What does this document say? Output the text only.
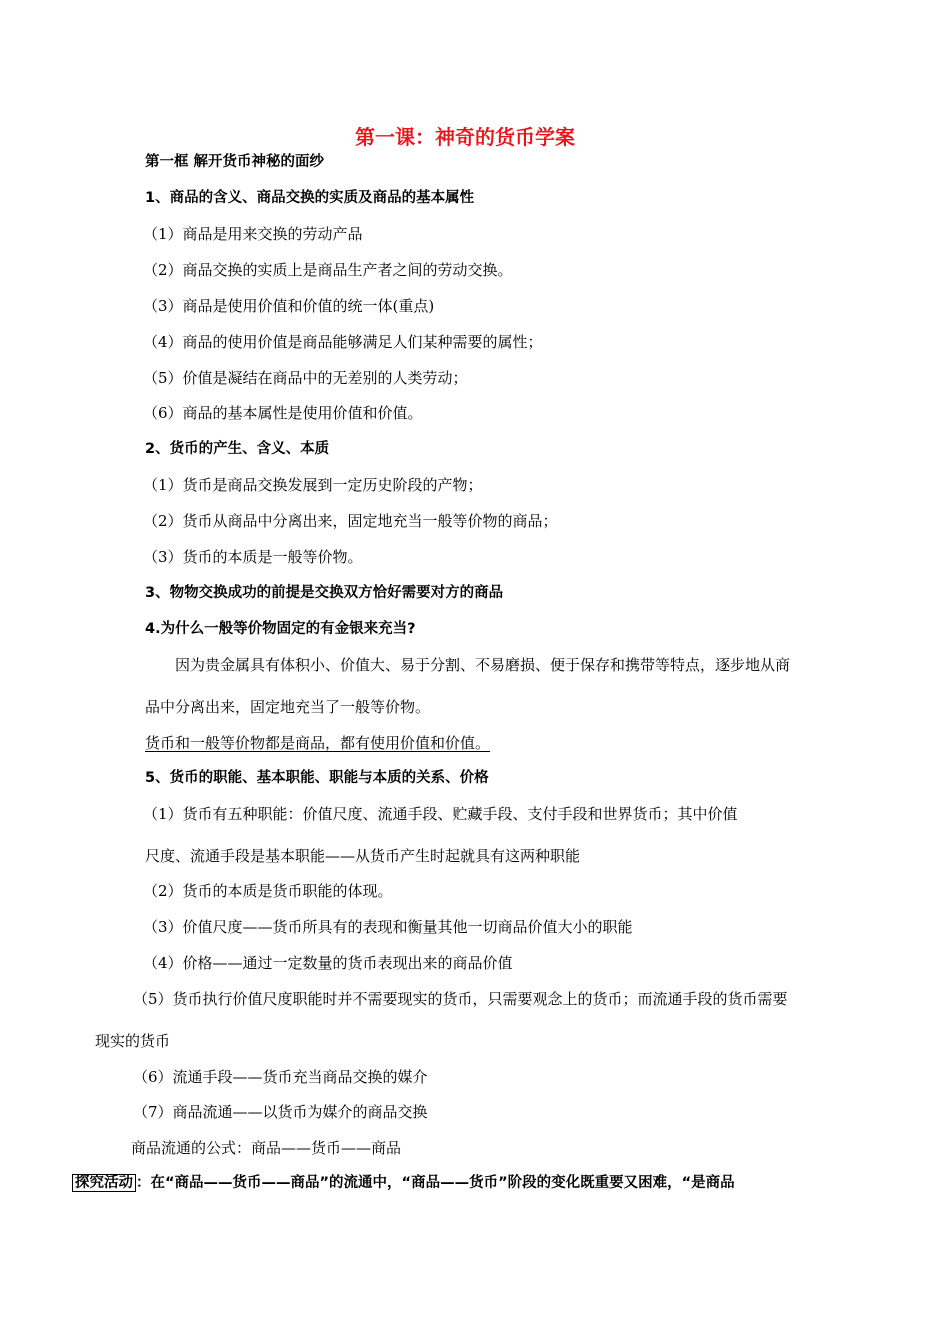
第一课：神奇的货币学案
第一框 解开货币神秘的面纱
1、商品的含义、商品交换的实质及商品的基本属性
（1）商品是用来交换的劳动产品
（2）商品交换的实质上是商品生产者之间的劳动交换。
（3）商品是使用价值和价值的统一体(重点)
（4）商品的使用价值是商品能够满足人们某种需要的属性；
（5）价值是凝结在商品中的无差别的人类劳动；
（6）商品的基本属性是使用价值和价值。
2、货币的产生、含义、本质
（1）货币是商品交换发展到一定历史阶段的产物；
（2）货币从商品中分离出来，固定地充当一般等价物的商品；
（3）货币的本质是一般等价物。
3、物物交换成功的前提是交换双方恰好需要对方的商品
4.为什么一般等价物固定的有金银来充当?
因为贵金属具有体积小、价值大、易于分割、不易磨损、便于保存和携带等特点，逐步地从商
品中分离出来，固定地充当了一般等价物。
货币和一般等价物都是商品，都有使用价值和价值。
5、货币的职能、基本职能、职能与本质的关系、价格
（1）货币有五种职能：价值尺度、流通手段、贮藏手段、支付手段和世界货币；其中价值
尺度、流通手段是基本职能——从货币产生时起就具有这两种职能
（2）货币的本质是货币职能的体现。
（3）价值尺度——货币所具有的表现和衡量其他一切商品价值大小的职能
（4）价格——通过一定数量的货币表现出来的商品价值
（5）货币执行价值尺度职能时并不需要现实的货币，只需要观念上的货币；而流通手段的货币需要
现实的货币
（6）流通手段——货币充当商品交换的媒介
（7）商品流通——以货币为媒介的商品交换
商品流通的公式：商品——货币——商品
探究活动 ：在“商品——货币——商品”的流通中，“商品——货币”阶段的变化既重要又困难，“是商品
